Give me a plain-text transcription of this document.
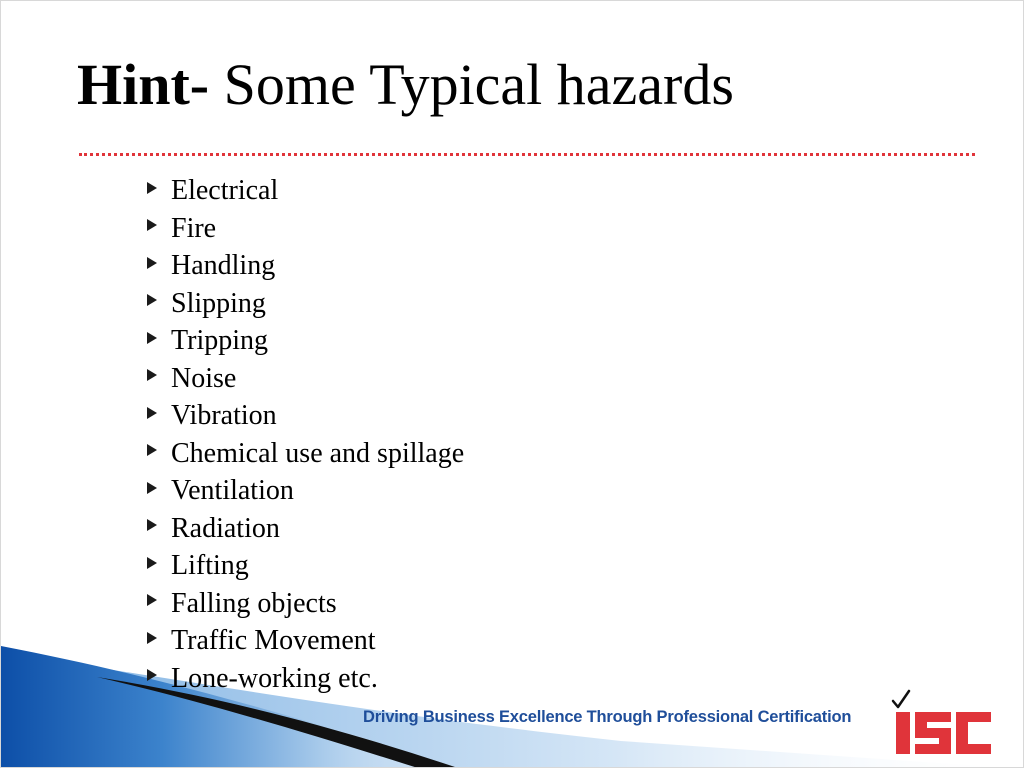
Hint- Some Typical hazards
Electrical
Fire
Handling
Slipping
Tripping
Noise
Vibration
Chemical use and spillage
Ventilation
Radiation
Lifting
Falling objects
Traffic Movement
Lone-working etc.
Driving Business Excellence Through Professional Certification
